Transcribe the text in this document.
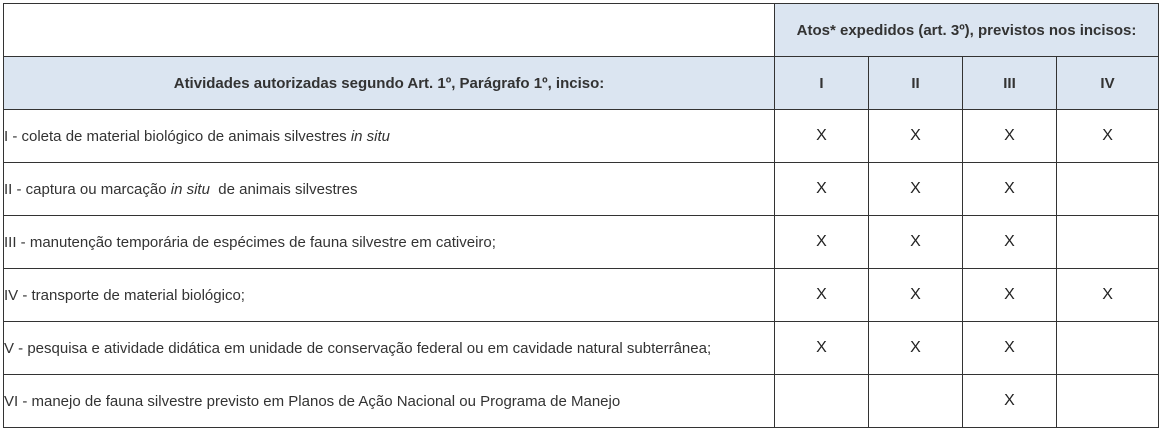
	Atos* expedidos (art. 3º), previstos nos incisos:			
Atividades autorizadas segundo Art. 1º, Parágrafo 1º, inciso:	I	II	III	IV
I - coleta de material biológico de animais silvestres in situ	X	X	X	X
II - captura ou marcação in situ  de animais silvestres	X	X	X	
III - manutenção temporária de espécimes de fauna silvestre em cativeiro;	X	X	X	
IV - transporte de material biológico;	X	X	X	X
V - pesquisa e atividade didática em unidade de conservação federal ou em cavidade natural subterrânea;	X	X	X	
VI - manejo de fauna silvestre previsto em Planos de Ação Nacional ou Programa de Manejo			X	
